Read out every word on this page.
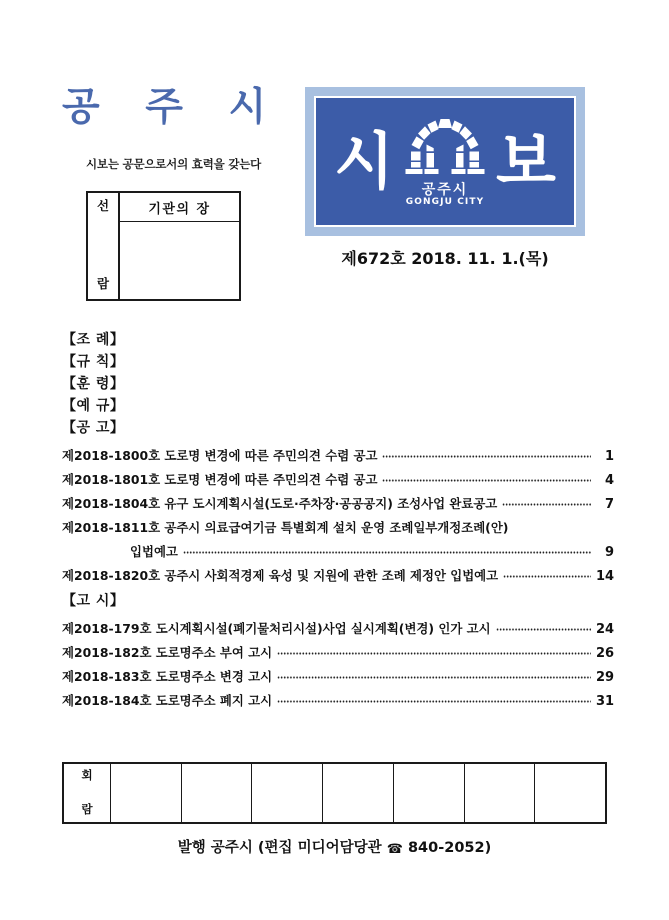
공 주 시
시보는 공문으로서의 효력을 갖는다
선
람
기관의 장
시 공주시
GONGJU CITY
보
제672호 2018. 11. 1.(목)
【조 례】
【규 칙】
【훈 령】
【예 규】
【공 고】
제2018-1800호 도로명 변경에 따른 주민의견 수렴 공고	1
제2018-1801호 도로명 변경에 따른 주민의견 수렴 공고	4
제2018-1804호 유구 도시계획시설(도로·주차장·공공공지) 조성사업 완료공고	7
제2018-1811호 공주시 의료급여기금 특별회계 설치 운영 조례일부개정조례(안)
입법예고	9
제2018-1820호 공주시 사회적경제 육성 및 지원에 관한 조례 제정안 입법예고	14
【고 시】
제2018-179호 도시계획시설(폐기물처리시설)사업 실시계획(변경) 인가 고시	24
제2018-182호 도로명주소 부여 고시	26
제2018-183호 도로명주소 변경 고시	29
제2018-184호 도로명주소 폐지 고시	31
회
람
발행 공주시 (편집 미디어담당관 ☎ 840-2052)
